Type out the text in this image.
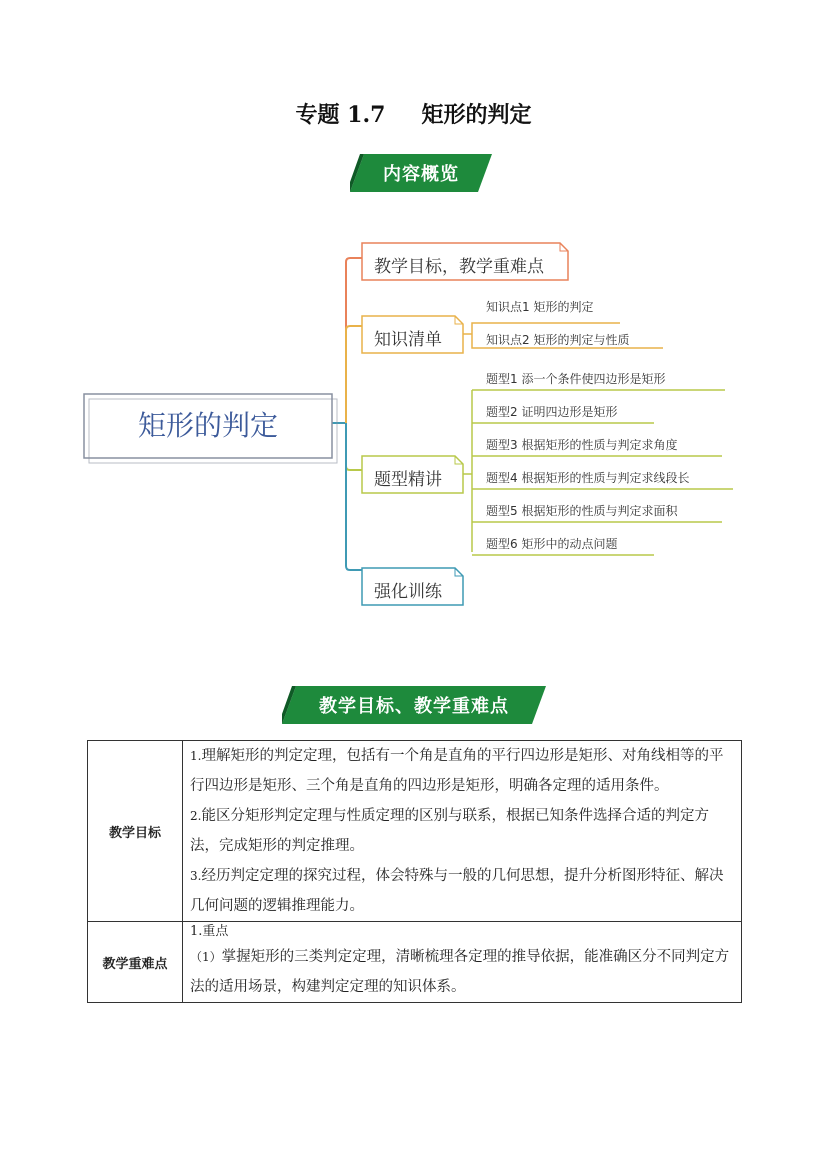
专题 1.7 矩形的判定
内容概览
矩形的判定
教学目标，教学重难点
知识清单
题型精讲
强化训练
知识点1 矩形的判定
知识点2 矩形的判定与性质
题型1 添一个条件使四边形是矩形
题型2 证明四边形是矩形
题型3 根据矩形的性质与判定求角度
题型4 根据矩形的性质与判定求线段长
题型5 根据矩形的性质与判定求面积
题型6 矩形中的动点问题
教学目标、教学重难点
教学目标	1.理解矩形的判定定理，包括有一个角是直角的平行四边形是矩形、对角线相等的平行四边形是矩形、三个角是直角的四边形是矩形，明确各定理的适用条件。

2.能区分矩形判定定理与性质定理的区别与联系，根据已知条件选择合适的判定方法，完成矩形的判定推理。

3.经历判定定理的探究过程，体会特殊与一般的几何思想，提升分析图形特征、解决几何问题的逻辑推理能力。

教学重难点	1.重点

（1）掌握矩形的三类判定定理，清晰梳理各定理的推导依据，能准确区分不同判定方法的适用场景，构建判定定理的知识体系。
